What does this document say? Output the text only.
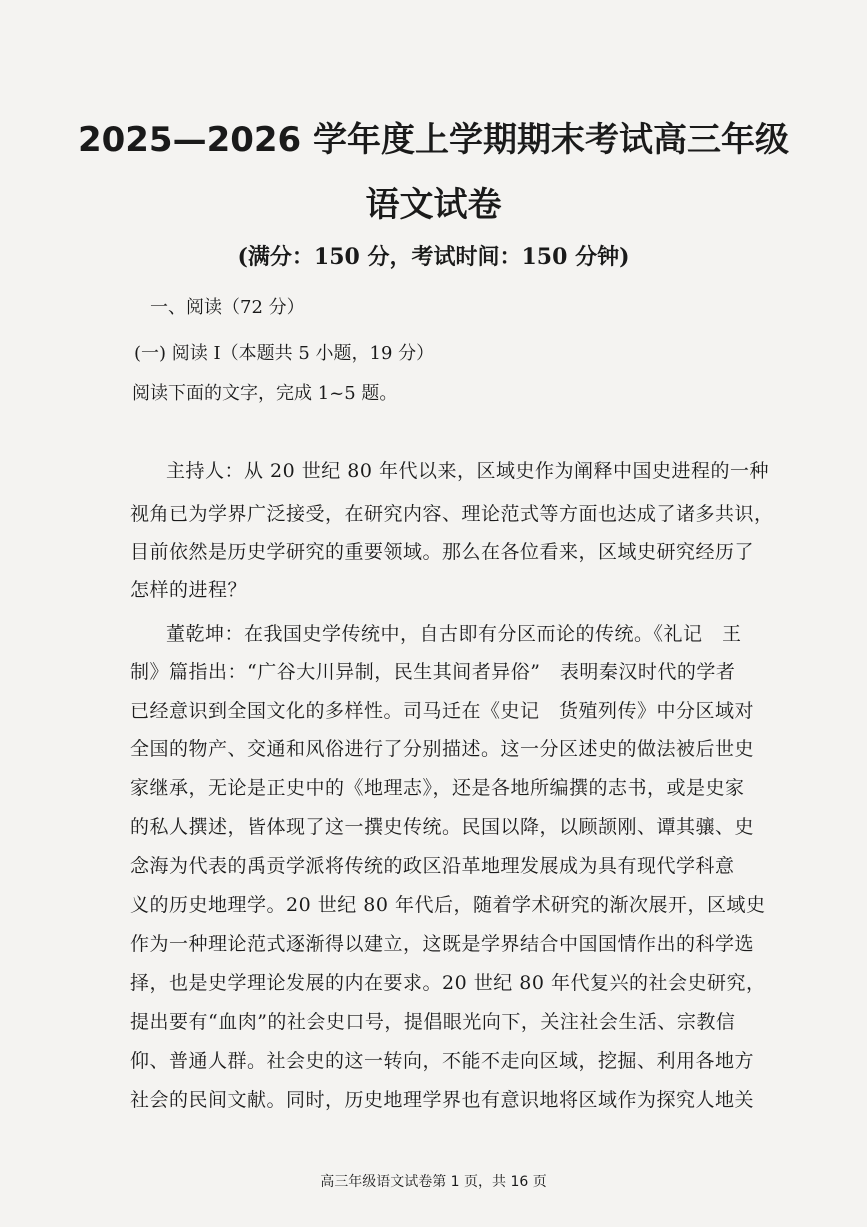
2025—2026 学年度上学期期末考试高三年级
语文试卷
(满分：150 分，考试时间：150 分钟)
一、阅读（72 分）
(一) 阅读 I（本题共 5 小题，19 分）
阅读下面的文字，完成 1~5 题。
主持人：从 20 世纪 80 年代以来，区域史作为阐释中国史进程的一种
视角已为学界广泛接受，在研究内容、理论范式等方面也达成了诸多共识，
目前依然是历史学研究的重要领域。那么在各位看来，区域史研究经历了
怎样的进程？
董乾坤：在我国史学传统中，自古即有分区而论的传统。《礼记　王
制》篇指出：“广谷大川异制，民生其间者异俗”　表明秦汉时代的学者
已经意识到全国文化的多样性。司马迁在《史记　货殖列传》中分区域对
全国的物产、交通和风俗进行了分别描述。这一分区述史的做法被后世史
家继承，无论是正史中的《地理志》，还是各地所编撰的志书，或是史家
的私人撰述，皆体现了这一撰史传统。民国以降，以顾颉刚、谭其骧、史
念海为代表的禹贡学派将传统的政区沿革地理发展成为具有现代学科意
义的历史地理学。20 世纪 80 年代后，随着学术研究的渐次展开，区域史
作为一种理论范式逐渐得以建立，这既是学界结合中国国情作出的科学选
择，也是史学理论发展的内在要求。20 世纪 80 年代复兴的社会史研究，
提出要有“血肉”的社会史口号，提倡眼光向下，关注社会生活、宗教信
仰、普通人群。社会史的这一转向，不能不走向区域，挖掘、利用各地方
社会的民间文献。同时，历史地理学界也有意识地将区域作为探究人地关
高三年级语文试卷第 1 页，共 16 页
